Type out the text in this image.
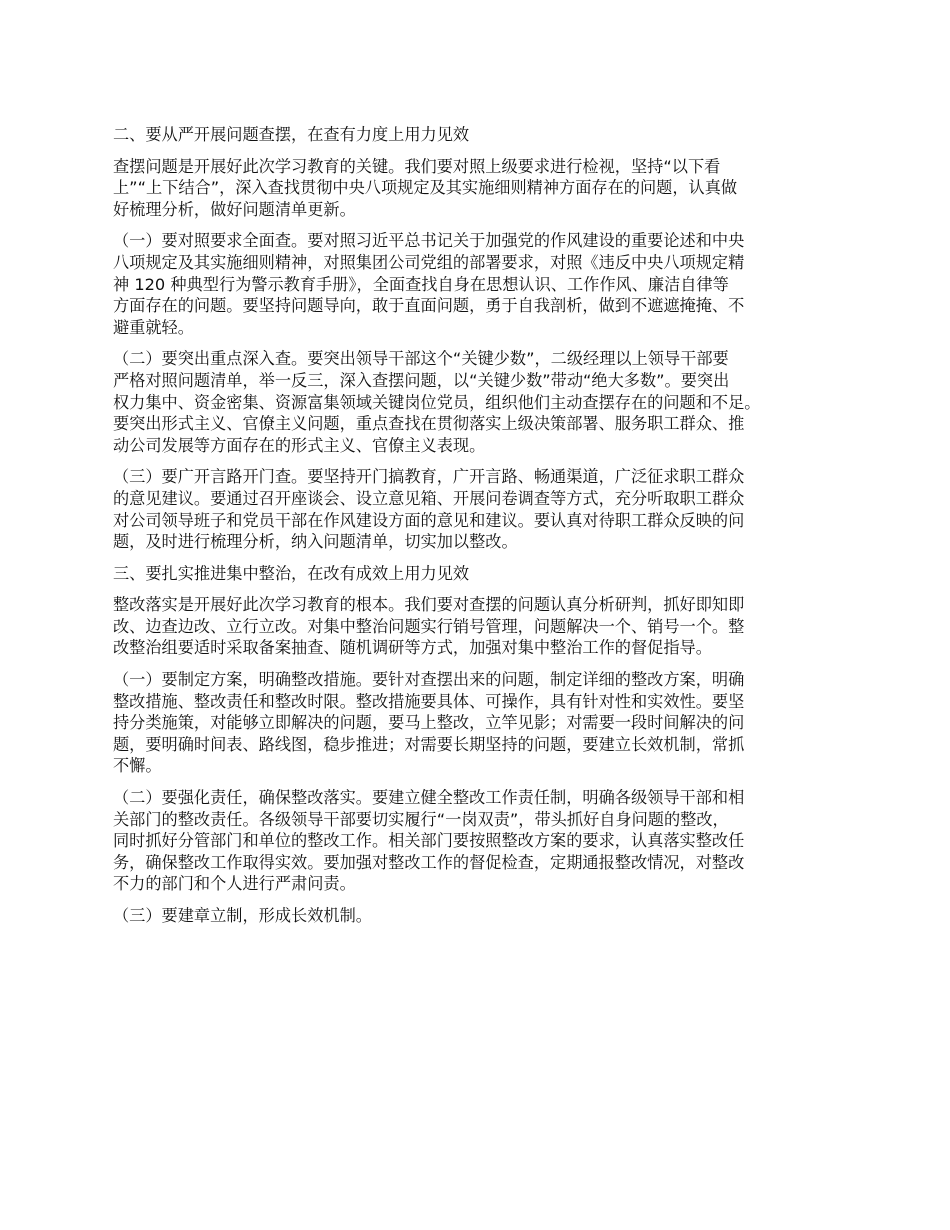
二、要从严开展问题查摆，在查有力度上用力见效

查摆问题是开展好此次学习教育的关键。我们要对照上级要求进行检视，坚持“以下看
上”“上下结合”，深入查找贯彻中央八项规定及其实施细则精神方面存在的问题，认真做
好梳理分析，做好问题清单更新。

（一）要对照要求全面查。要对照习近平总书记关于加强党的作风建设的重要论述和中央
八项规定及其实施细则精神，对照集团公司党组的部署要求，对照《违反中央八项规定精
神 120 种典型行为警示教育手册》，全面查找自身在思想认识、工作作风、廉洁自律等
方面存在的问题。要坚持问题导向，敢于直面问题，勇于自我剖析，做到不遮遮掩掩、不
避重就轻。

（二）要突出重点深入查。要突出领导干部这个“关键少数”，二级经理以上领导干部要
严格对照问题清单，举一反三，深入查摆问题，以“关键少数”带动“绝大多数”。要突出
权力集中、资金密集、资源富集领域关键岗位党员，组织他们主动查摆存在的问题和不足。
要突出形式主义、官僚主义问题，重点查找在贯彻落实上级决策部署、服务职工群众、推
动公司发展等方面存在的形式主义、官僚主义表现。

（三）要广开言路开门查。要坚持开门搞教育，广开言路、畅通渠道，广泛征求职工群众
的意见建议。要通过召开座谈会、设立意见箱、开展问卷调查等方式，充分听取职工群众
对公司领导班子和党员干部在作风建设方面的意见和建议。要认真对待职工群众反映的问
题，及时进行梳理分析，纳入问题清单，切实加以整改。

三、要扎实推进集中整治，在改有成效上用力见效

整改落实是开展好此次学习教育的根本。我们要对查摆的问题认真分析研判，抓好即知即
改、边查边改、立行立改。对集中整治问题实行销号管理，问题解决一个、销号一个。整
改整治组要适时采取备案抽查、随机调研等方式，加强对集中整治工作的督促指导。

（一）要制定方案，明确整改措施。要针对查摆出来的问题，制定详细的整改方案，明确
整改措施、整改责任和整改时限。整改措施要具体、可操作，具有针对性和实效性。要坚
持分类施策，对能够立即解决的问题，要马上整改，立竿见影；对需要一段时间解决的问
题，要明确时间表、路线图，稳步推进；对需要长期坚持的问题，要建立长效机制，常抓
不懈。

（二）要强化责任，确保整改落实。要建立健全整改工作责任制，明确各级领导干部和相
关部门的整改责任。各级领导干部要切实履行“一岗双责”，带头抓好自身问题的整改，
同时抓好分管部门和单位的整改工作。相关部门要按照整改方案的要求，认真落实整改任
务，确保整改工作取得实效。要加强对整改工作的督促检查，定期通报整改情况，对整改
不力的部门和个人进行严肃问责。

（三）要建章立制，形成长效机制。
